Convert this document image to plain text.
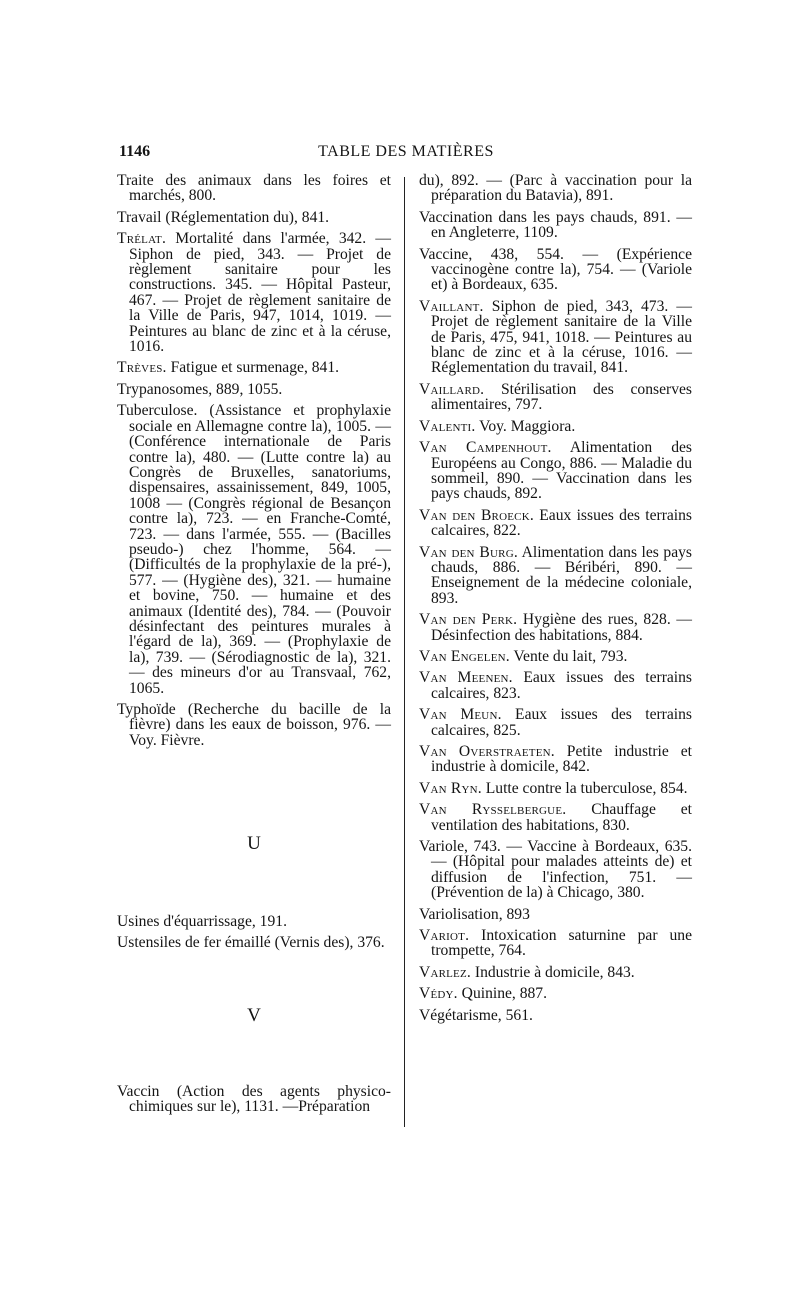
1146	TABLE DES MATIÈRES
Traite des animaux dans les foires et marchés, 800.
Travail (Réglementation du), 841.
Trélat. Mortalité dans l'armée, 342. — Siphon de pied, 343. — Projet de règlement sanitaire pour les constructions. 345. — Hôpital Pasteur, 467. — Projet de règlement sanitaire de la Ville de Paris, 947, 1014, 1019. — Peintures au blanc de zinc et à la céruse, 1016.
Trèves. Fatigue et surmenage, 841.
Trypanosomes, 889, 1055.
Tuberculose. (Assistance et prophylaxie sociale en Allemagne contre la), 1005. — (Conférence internationale de Paris contre la), 480. — (Lutte contre la) au Congrès de Bruxelles, sanatoriums, dispensaires, assainissement, 849, 1005, 1008 — (Congrès régional de Besançon contre la), 723. — en Franche-Comté, 723. — dans l'armée, 555. — (Bacilles pseudo-) chez l'homme, 564. — (Difficultés de la prophylaxie de la pré-), 577. — (Hygiène des), 321. — humaine et bovine, 750. — humaine et des animaux (Identité des), 784. — (Pouvoir désinfectant des peintures murales à l'égard de la), 369. — (Prophylaxie de la), 739. — (Sérodiagnostic de la), 321. — des mineurs d'or au Transvaal, 762, 1065.
Typhoïde (Recherche du bacille de la fièvre) dans les eaux de boisson, 976. — Voy. Fièvre.
U
Usines d'équarrissage, 191.
Ustensiles de fer émaillé (Vernis des), 376.
V
Vaccin (Action des agents physico-chimiques sur le), 1131. —Préparation
du), 892. — (Parc à vaccination pour la préparation du Batavia), 891.
Vaccination dans les pays chauds, 891. — en Angleterre, 1109.
Vaccine, 438, 554. — (Expérience vaccinogène contre la), 754. — (Variole et) à Bordeaux, 635.
Vaillant. Siphon de pied, 343, 473. — Projet de règlement sanitaire de la Ville de Paris, 475, 941, 1018. — Peintures au blanc de zinc et à la céruse, 1016. — Réglementation du travail, 841.
Vaillard. Stérilisation des conserves alimentaires, 797.
Valenti. Voy. Maggiora.
Van Campenhout. Alimentation des Européens au Congo, 886. — Maladie du sommeil, 890. — Vaccination dans les pays chauds, 892.
Van den Broeck. Eaux issues des terrains calcaires, 822.
Van den Burg. Alimentation dans les pays chauds, 886. — Béribéri, 890. — Enseignement de la médecine coloniale, 893.
Van den Perk. Hygiène des rues, 828. — Désinfection des habitations, 884.
Van Engelen. Vente du lait, 793.
Van Meenen. Eaux issues des terrains calcaires, 823.
Van Meun. Eaux issues des terrains calcaires, 825.
Van Overstraeten. Petite industrie et industrie à domicile, 842.
Van Ryn. Lutte contre la tuberculose, 854.
Van Rysselbergue. Chauffage et ventilation des habitations, 830.
Variole, 743. — Vaccine à Bordeaux, 635. — (Hôpital pour malades atteints de) et diffusion de l'infection, 751. — (Prévention de la) à Chicago, 380.
Variolisation, 893
Variot. Intoxication saturnine par une trompette, 764.
Varlez. Industrie à domicile, 843.
Védy. Quinine, 887.
Végétarisme, 561.
